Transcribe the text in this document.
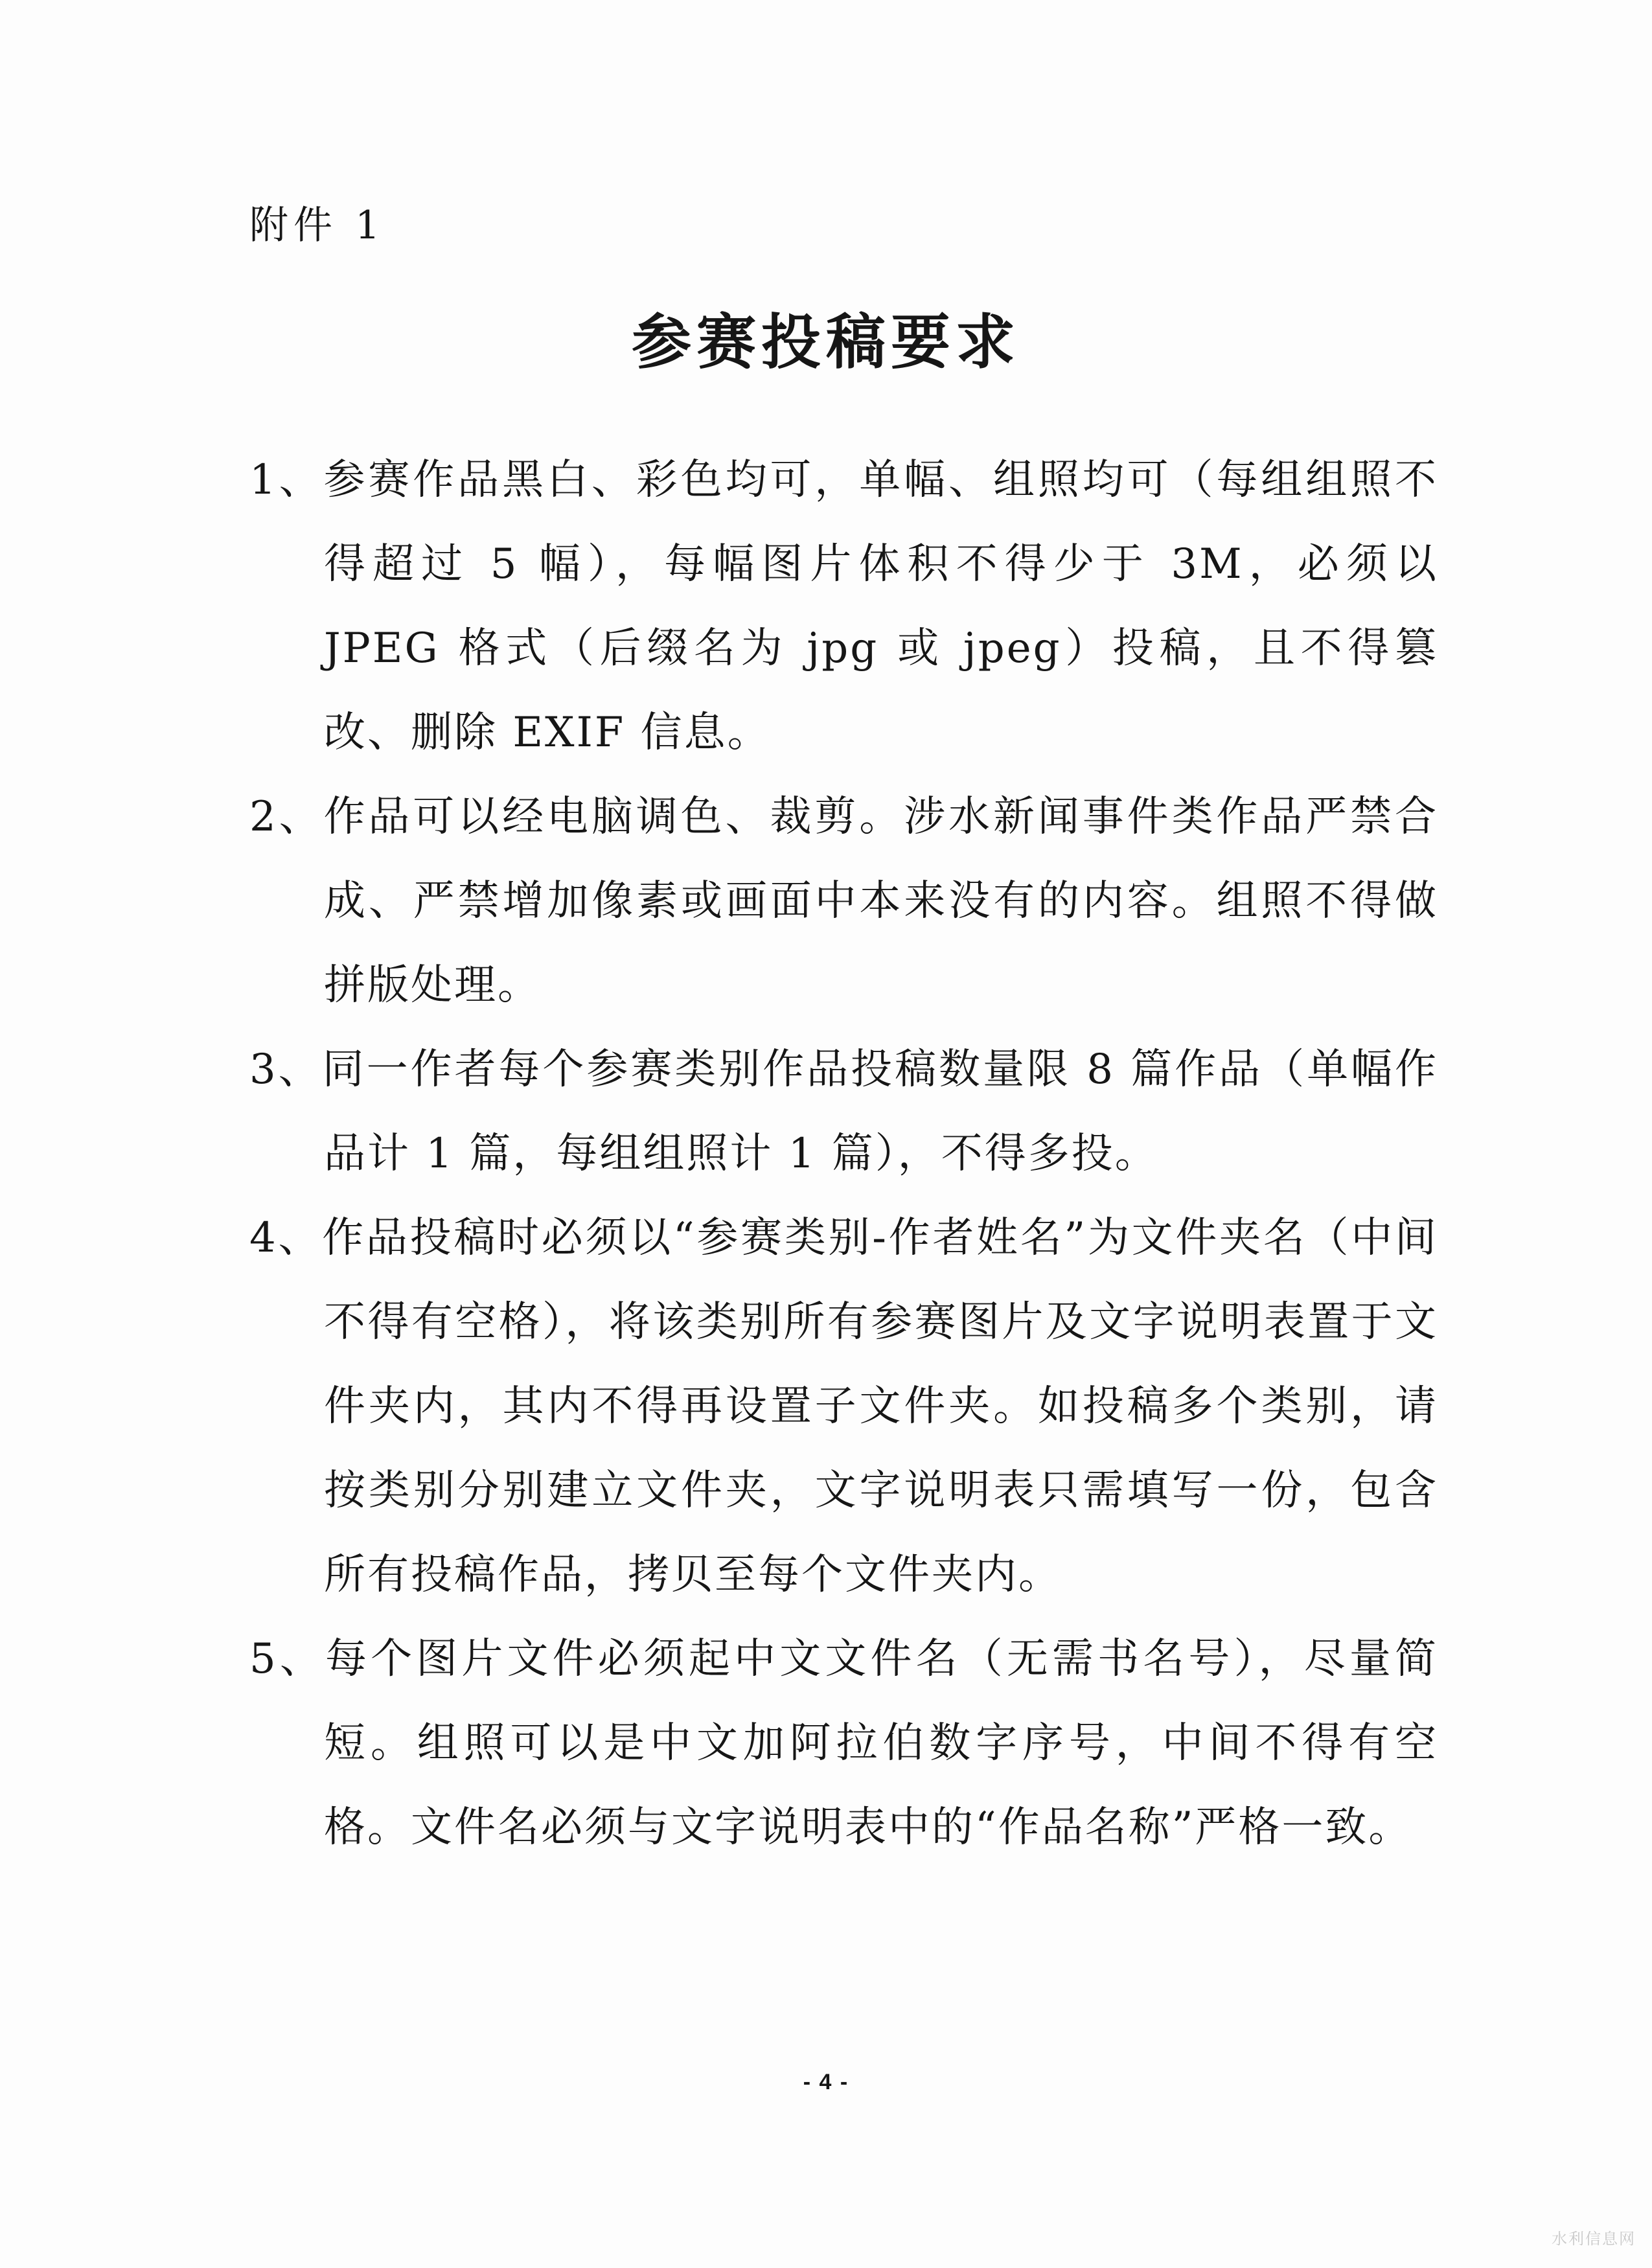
附件 1
参赛投稿要求

1、参赛作品黑白、彩色均可，单幅、组照均可（每组组照不得超过 5 幅），每幅图片体积不得少于 3M，必须以 JPEG 格式（后缀名为 jpg 或 jpeg）投稿，且不得篡改、删除 EXIF 信息。

2、作品可以经电脑调色、裁剪。涉水新闻事件类作品严禁合成、严禁增加像素或画面中本来没有的内容。组照不得做拼版处理。

3、同一作者每个参赛类别作品投稿数量限 8 篇作品（单幅作品计 1 篇，每组组照计 1 篇），不得多投。

4、作品投稿时必须以“参赛类别-作者姓名”为文件夹名（中间不得有空格），将该类别所有参赛图片及文字说明表置于文件夹内，其内不得再设置子文件夹。如投稿多个类别，请按类别分别建立文件夹，文字说明表只需填写一份，包含所有投稿作品，拷贝至每个文件夹内。

5、每个图片文件必须起中文文件名（无需书名号），尽量简短。组照可以是中文加阿拉伯数字序号，中间不得有空格。文件名必须与文字说明表中的“作品名称”严格一致。

- 4 -
水利信息网
